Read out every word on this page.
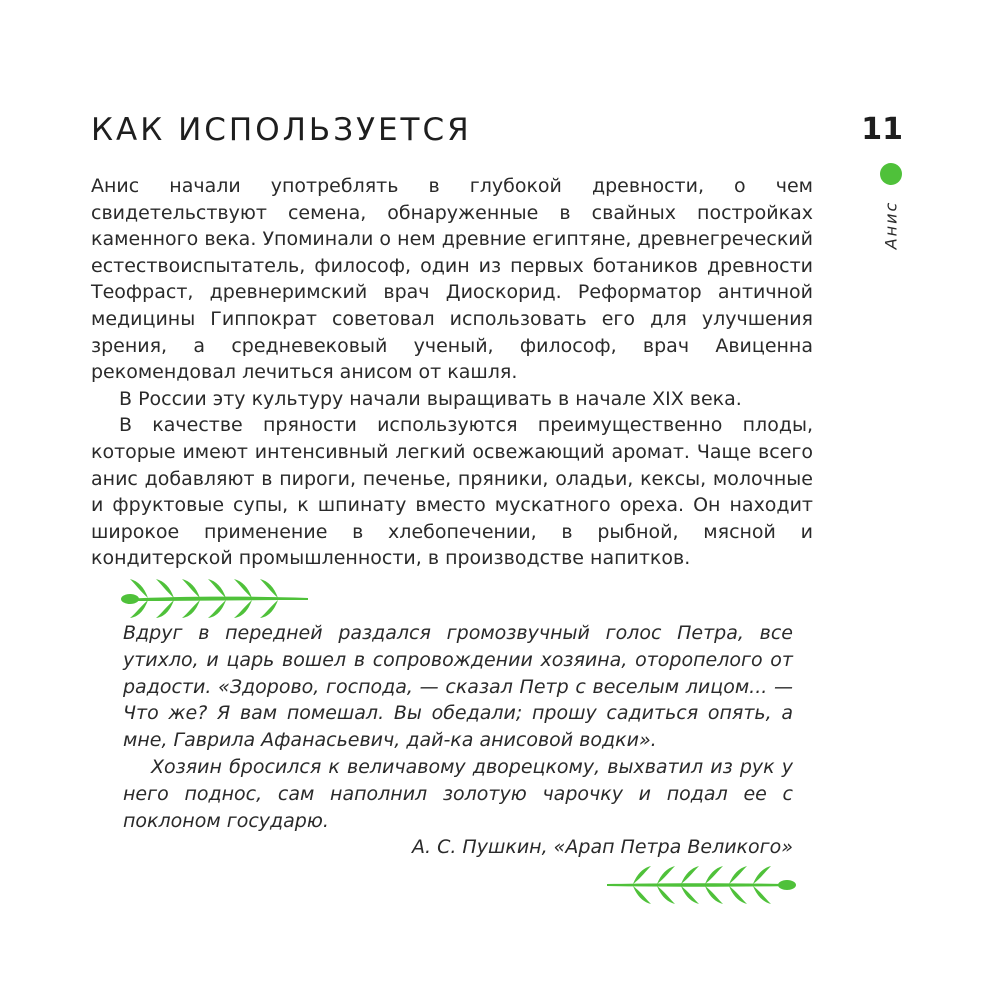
КАК ИСПОЛЬЗУЕТСЯ	11
Анис

Анис начали употреблять в глубокой древности, о чем свидетельствуют семена, обнаруженные в свайных постройках каменного века. Упоминали о нем древние египтяне, древнегреческий естествоиспытатель, философ, один из первых ботаников древности Теофраст, древнеримский врач Диоскорид. Реформатор античной медицины Гиппократ советовал использовать его для улучшения зрения, а средневековый ученый, философ, врач Авиценна рекомендовал лечиться анисом от кашля.

В России эту культуру начали выращивать в начале XIX века.

В качестве пряности используются преимущественно плоды, которые имеют интенсивный легкий освежающий аромат. Чаще всего анис добавляют в пироги, печенье, пряники, оладьи, кексы, молочные и фруктовые супы, к шпинату вместо мускатного ореха. Он находит широкое применение в хлебопечении, в рыбной, мясной и кондитерской промышленности, в производстве напитков.

Вдруг в передней раздался громозвучный голос Петра, все утихло, и царь вошел в сопровождении хозяина, оторопелого от радости. «Здорово, господа, — сказал Петр с веселым лицом... — Что же? Я вам помешал. Вы обедали; прошу садиться опять, а мне, Гаврила Афанасьевич, дай-ка анисовой водки».

Хозяин бросился к величавому дворецкому, выхватил из рук у него поднос, сам наполнил золотую чарочку и подал ее с поклоном государю.

А. С. Пушкин, «Арап Петра Великого»
